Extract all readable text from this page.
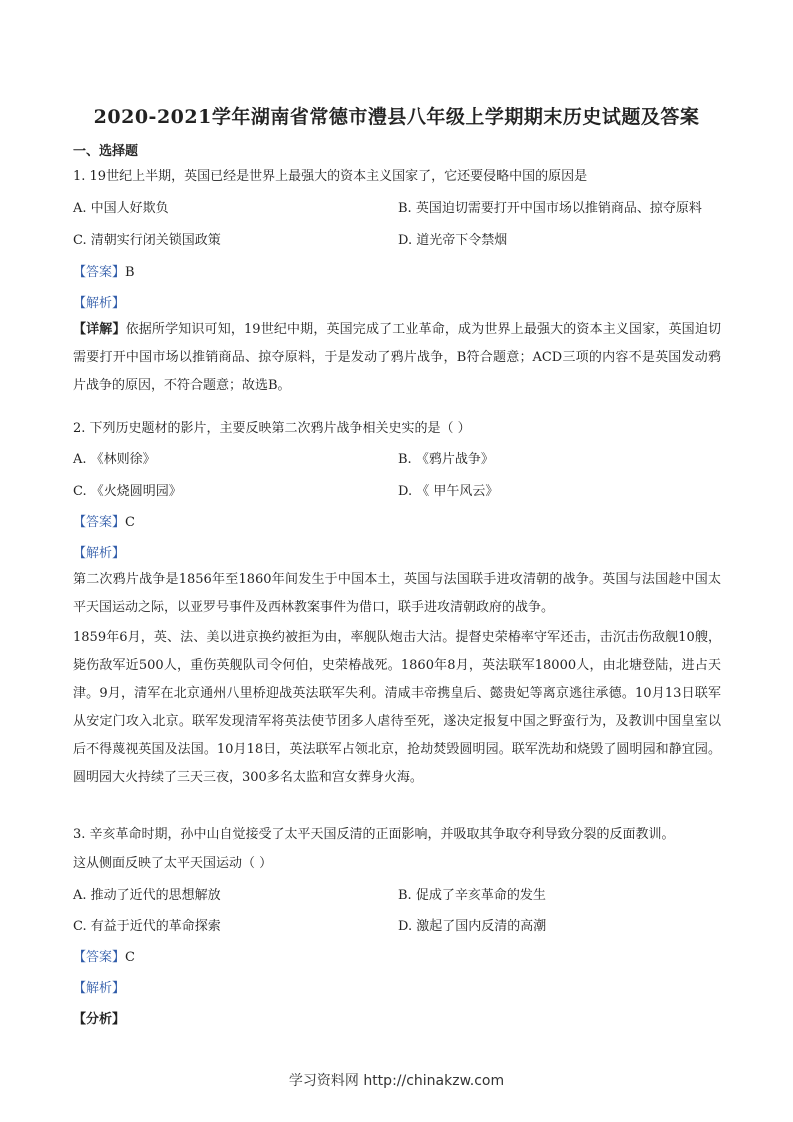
2020-2021学年湖南省常德市澧县八年级上学期期末历史试题及答案
一、选择题
1. 19世纪上半期，英国已经是世界上最强大的资本主义国家了，它还要侵略中国的原因是
A. 中国人好欺负	B. 英国迫切需要打开中国市场以推销商品、掠夺原料
C. 清朝实行闭关锁国政策	D. 道光帝下令禁烟
【答案】B
【解析】
【详解】依据所学知识可知，19世纪中期，英国完成了工业革命，成为世界上最强大的资本主义国家，英国迫切需要打开中国市场以推销商品、掠夺原料，于是发动了鸦片战争，B符合题意；ACD三项的内容不是英国发动鸦片战争的原因，不符合题意；故选B。
2. 下列历史题材的影片，主要反映第二次鸦片战争相关史实的是（ ）
A. 《林则徐》	B. 《鸦片战争》
C. 《火烧圆明园》	D. 《 甲午风云》
【答案】C
【解析】
第二次鸦片战争是1856年至1860年间发生于中国本土，英国与法国联手进攻清朝的战争。英国与法国趁中国太平天国运动之际，以亚罗号事件及西林教案事件为借口，联手进攻清朝政府的战争。
1859年6月，英、法、美以进京换约被拒为由，率舰队炮击大沽。提督史荣椿率守军还击，击沉击伤敌舰10艘，毙伤敌军近500人，重伤英舰队司令何伯，史荣椿战死。1860年8月，英法联军18000人，由北塘登陆，进占天津。9月，清军在北京通州八里桥迎战英法联军失利。清咸丰帝携皇后、懿贵妃等离京逃往承德。10月13日联军从安定门攻入北京。联军发现清军将英法使节团多人虐待至死，遂决定报复中国之野蛮行为，及教训中国皇室以后不得蔑视英国及法国。10月18日，英法联军占领北京，抢劫焚毁圆明园。联军洗劫和烧毁了圆明园和静宜园。圆明园大火持续了三天三夜，300多名太监和宫女葬身火海。
3. 辛亥革命时期，孙中山自觉接受了太平天国反清的正面影响，并吸取其争取夺利导致分裂的反面教训。
这从侧面反映了太平天国运动（ ）
A. 推动了近代的思想解放	B. 促成了辛亥革命的发生
C. 有益于近代的革命探索	D. 激起了国内反清的高潮
【答案】C
【解析】
【分析】
学习资料网 http://chinakzw.com
